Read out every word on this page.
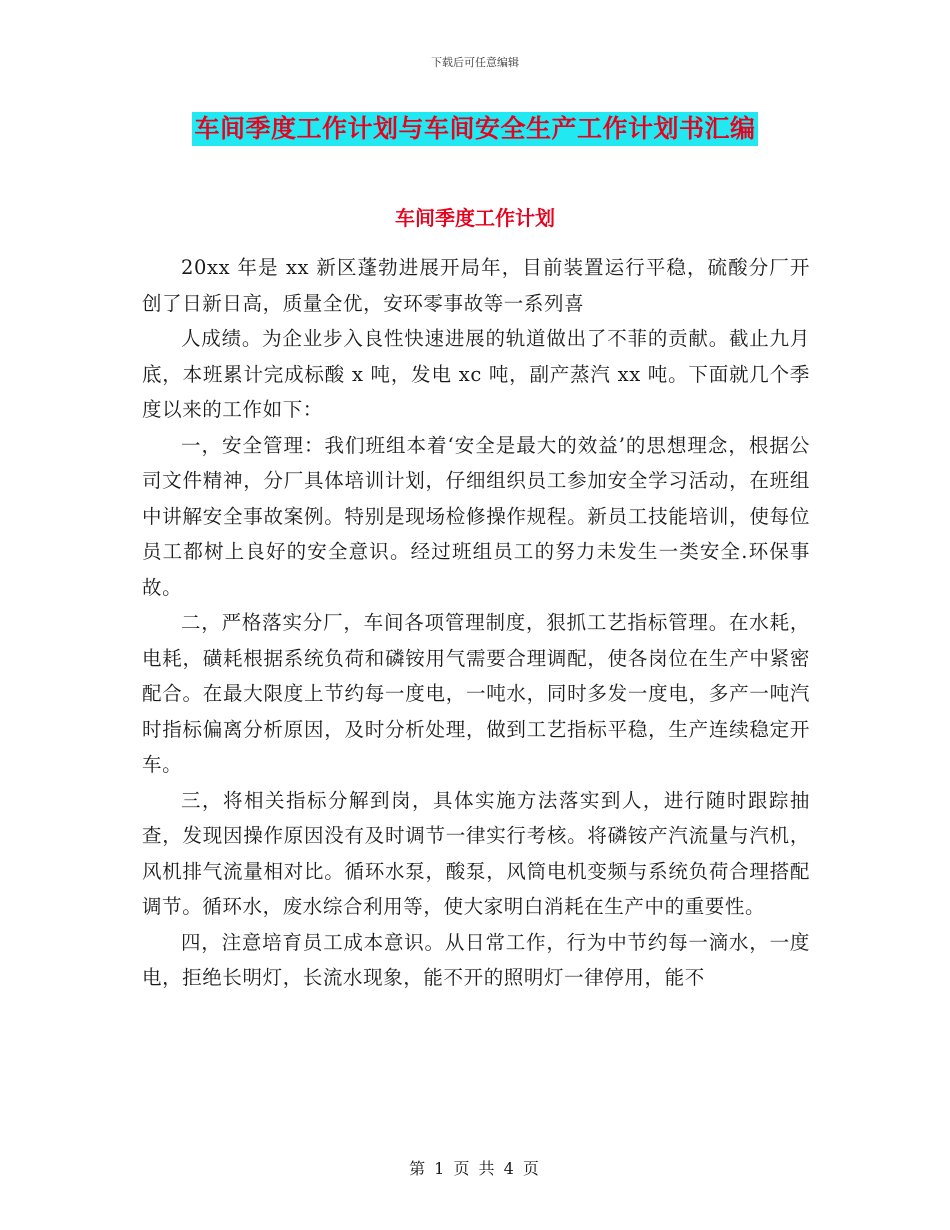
下载后可任意编辑
车间季度工作计划与车间安全生产工作计划书汇编
车间季度工作计划

20xx 年是 xx 新区蓬勃进展开局年，目前装置运行平稳，硫酸分厂开创了日新日高，质量全优，安环零事故等一系列喜

人成绩。为企业步入良性快速进展的轨道做出了不菲的贡献。截止九月底，本班累计完成标酸 x 吨，发电 xc 吨，副产蒸汽 xx 吨。下面就几个季度以来的工作如下：

一，安全管理：我们班组本着‘安全是最大的效益’的思想理念，根据公司文件精神，分厂具体培训计划，仔细组织员工参加安全学习活动，在班组中讲解安全事故案例。特别是现场检修操作规程。新员工技能培训，使每位员工都树上良好的安全意识。经过班组员工的努力未发生一类安全.环保事故。

二，严格落实分厂，车间各项管理制度，狠抓工艺指标管理。在水耗，电耗，磺耗根据系统负荷和磷铵用气需要合理调配，使各岗位在生产中紧密配合。在最大限度上节约每一度电，一吨水，同时多发一度电，多产一吨汽时指标偏离分析原因，及时分析处理，做到工艺指标平稳，生产连续稳定开车。

三，将相关指标分解到岗，具体实施方法落实到人，进行随时跟踪抽查，发现因操作原因没有及时调节一律实行考核。将磷铵产汽流量与汽机，风机排气流量相对比。循环水泵，酸泵，风筒电机变频与系统负荷合理搭配调节。循环水，废水综合利用等，使大家明白消耗在生产中的重要性。

四，注意培育员工成本意识。从日常工作，行为中节约每一滴水，一度电，拒绝长明灯，长流水现象，能不开的照明灯一律停用，能不

第 1 页 共 4 页
